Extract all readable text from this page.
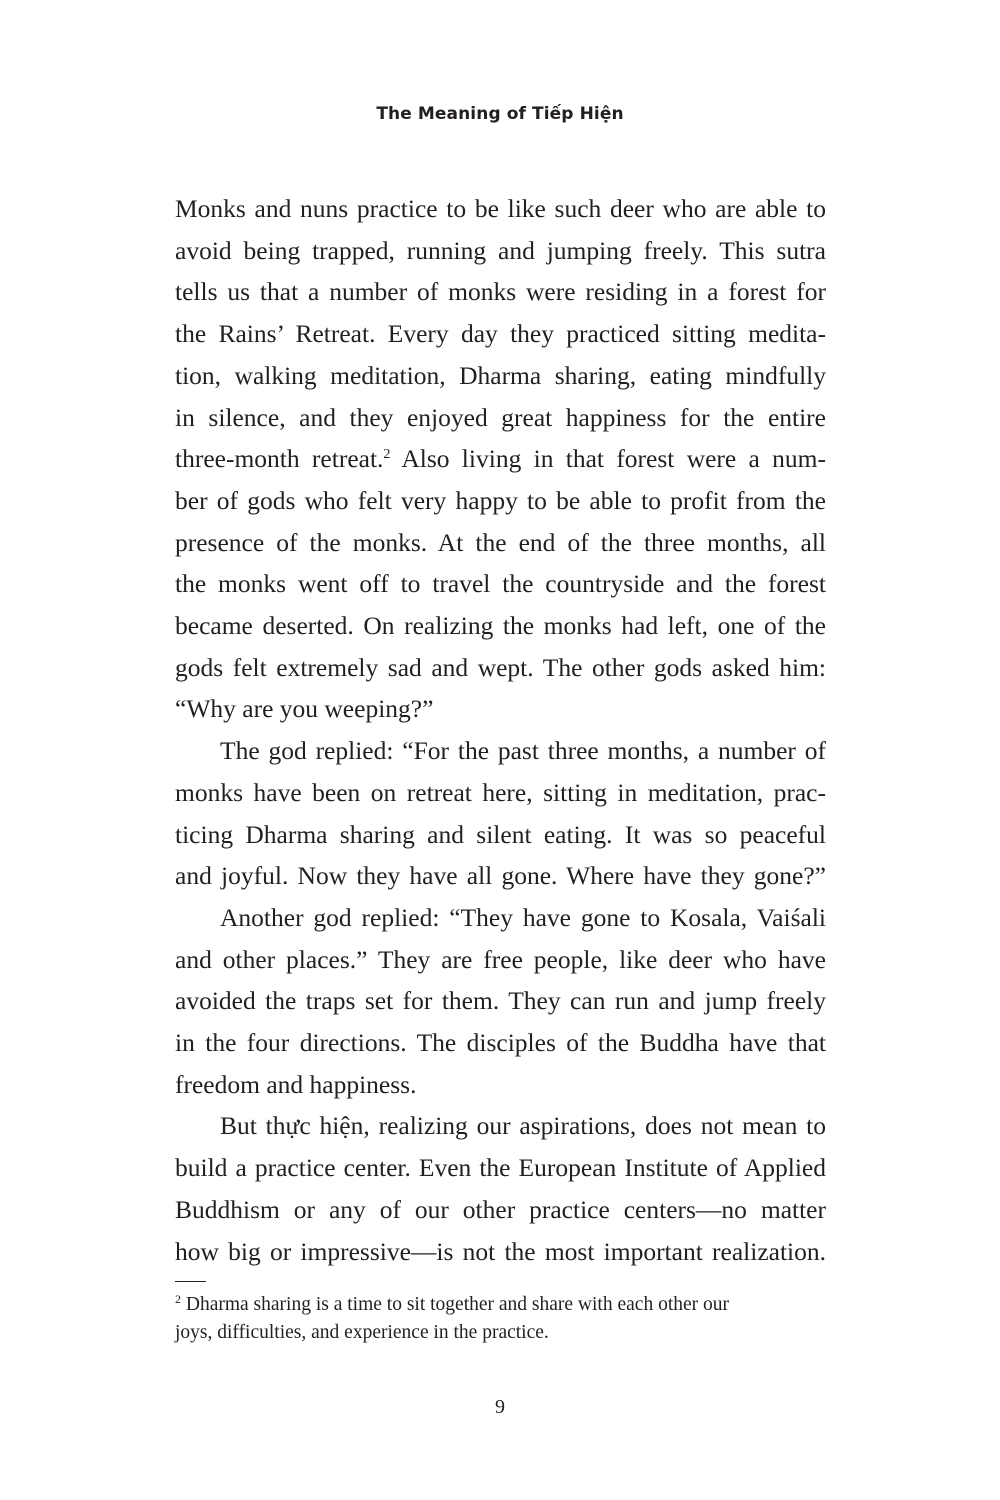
The Meaning of Tiếp Hiện
Monks and nuns practice to be like such deer who are able to
avoid being trapped, running and jumping freely. This sutra
tells us that a number of monks were residing in a forest for
the Rains’ Retreat. Every day they practiced sitting medita-
tion, walking meditation, Dharma sharing, eating mindfully
in silence, and they enjoyed great happiness for the entire
three-month retreat.$^2$ Also living in that forest were a num-
ber of gods who felt very happy to be able to profit from the
presence of the monks. At the end of the three months, all
the monks went off to travel the countryside and the forest
became deserted. On realizing the monks had left, one of the
gods felt extremely sad and wept. The other gods asked him:
“Why are you weeping?”
The god replied: “For the past three months, a number of
monks have been on retreat here, sitting in meditation, prac-
ticing Dharma sharing and silent eating. It was so peaceful
and joyful. Now they have all gone. Where have they gone?”
Another god replied: “They have gone to Kosala, Vaiśali
and other places.” They are free people, like deer who have
avoided the traps set for them. They can run and jump freely
in the four directions. The disciples of the Buddha have that
freedom and happiness.
But thực hiện, realizing our aspirations, does not mean to
build a practice center. Even the European Institute of Applied
Buddhism or any of our other practice centers—no matter
how big or impressive—is not the most important realization.
$^2$ Dharma sharing is a time to sit together and share with each other our
joys, difficulties, and experience in the practice.
9
